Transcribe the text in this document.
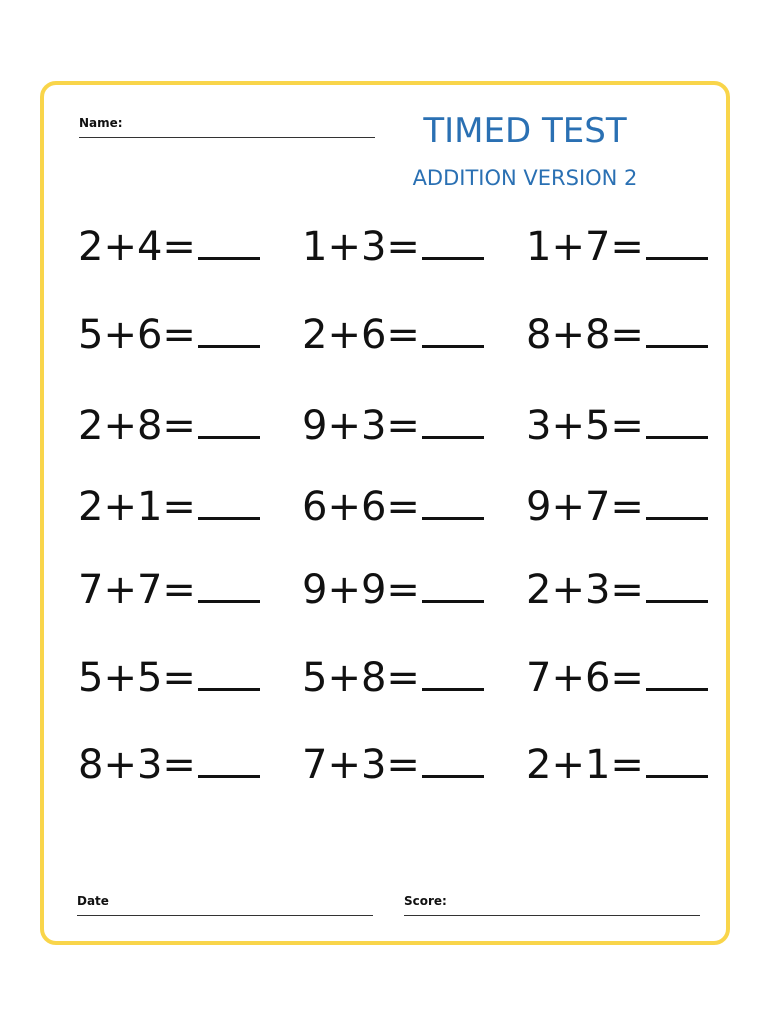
Name:	TIMED TEST
ADDITION VERSION 2
2+4=	1+3=	1+7=
5+6=	2+6=	8+8=
2+8=	9+3=	3+5=
2+1=	6+6=	9+7=
7+7=	9+9=	2+3=
5+5=	5+8=	7+6=
8+3=	7+3=	2+1=
Date	Score:
